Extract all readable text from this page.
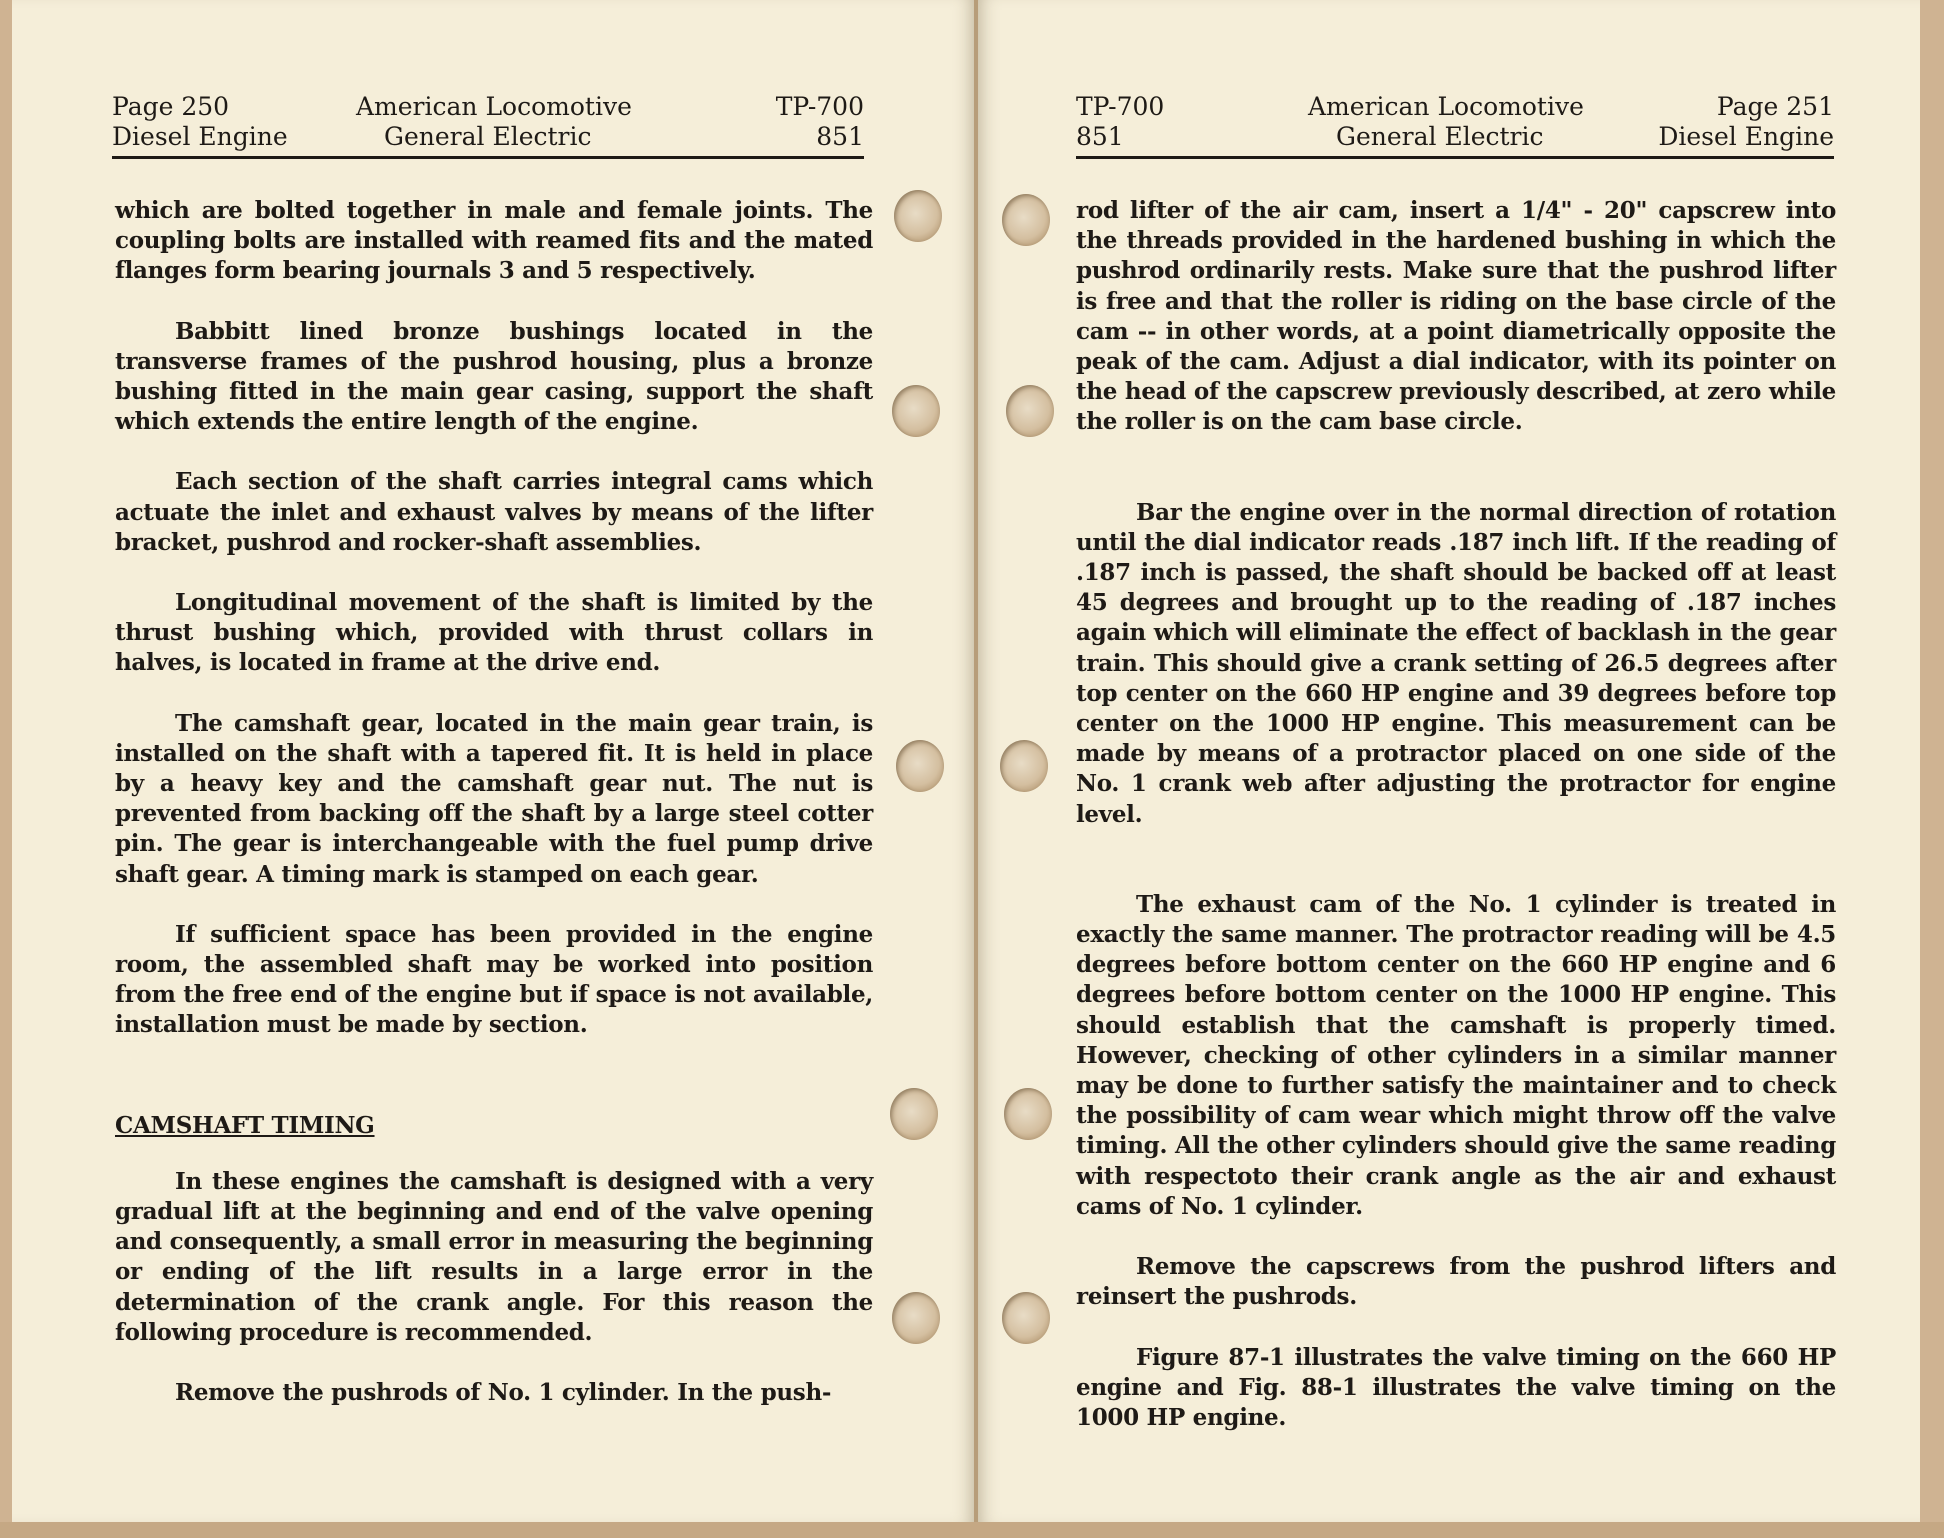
Page 250
Diesel Engine
American Locomotive
General Electric
TP-700
851

which are bolted together in male and female joints. The coupling bolts are installed with reamed fits and the mated flanges form bearing journals 3 and 5 respectively.

Babbitt lined bronze bushings located in the transverse frames of the pushrod housing, plus a bronze bushing fitted in the main gear casing, support the shaft which extends the entire length of the engine.

Each section of the shaft carries integral cams which actuate the inlet and exhaust valves by means of the lifter bracket, pushrod and rocker-shaft assemblies.

Longitudinal movement of the shaft is limited by the thrust bushing which, provided with thrust collars in halves, is located in frame at the drive end.

The camshaft gear, located in the main gear train, is installed on the shaft with a tapered fit. It is held in place by a heavy key and the camshaft gear nut. The nut is prevented from backing off the shaft by a large steel cotter pin. The gear is interchangeable with the fuel pump drive shaft gear. A timing mark is stamped on each gear.

If sufficient space has been provided in the engine room, the assembled shaft may be worked into position from the free end of the engine but if space is not available, installation must be made by section.

CAMSHAFT TIMING

In these engines the camshaft is designed with a very gradual lift at the beginning and end of the valve opening and consequently, a small error in measuring the beginning or ending of the lift results in a large error in the determination of the crank angle. For this reason the following procedure is recommended.

Remove the pushrods of No. 1 cylinder. In the push-

TP-700
851
American Locomotive
General Electric
Page 251
Diesel Engine

rod lifter of the air cam, insert a 1/4" - 20" capscrew into the threads provided in the hardened bushing in which the pushrod ordinarily rests. Make sure that the pushrod lifter is free and that the roller is riding on the base circle of the cam -- in other words, at a point diametrically opposite the peak of the cam. Adjust a dial indicator, with its pointer on the head of the capscrew previously described, at zero while the roller is on the cam base circle.

Bar the engine over in the normal direction of rotation until the dial indicator reads .187 inch lift. If the reading of .187 inch is passed, the shaft should be backed off at least 45 degrees and brought up to the reading of .187 inches again which will eliminate the effect of backlash in the gear train. This should give a crank setting of 26.5 degrees after top center on the 660 HP engine and 39 degrees before top center on the 1000 HP engine. This measurement can be made by means of a protractor placed on one side of the No. 1 crank web after adjusting the protractor for engine level.

The exhaust cam of the No. 1 cylinder is treated in exactly the same manner. The protractor reading will be 4.5 degrees before bottom center on the 660 HP engine and 6 degrees before bottom center on the 1000 HP engine. This should establish that the camshaft is properly timed. However, checking of other cylinders in a similar manner may be done to further satisfy the maintainer and to check the possibility of cam wear which might throw off the valve timing. All the other cylinders should give the same reading with respectoto their crank angle as the air and exhaust cams of No. 1 cylinder.

Remove the capscrews from the pushrod lifters and reinsert the pushrods.

Figure 87-1 illustrates the valve timing on the 660 HP engine and Fig. 88-1 illustrates the valve timing on the 1000 HP engine.
